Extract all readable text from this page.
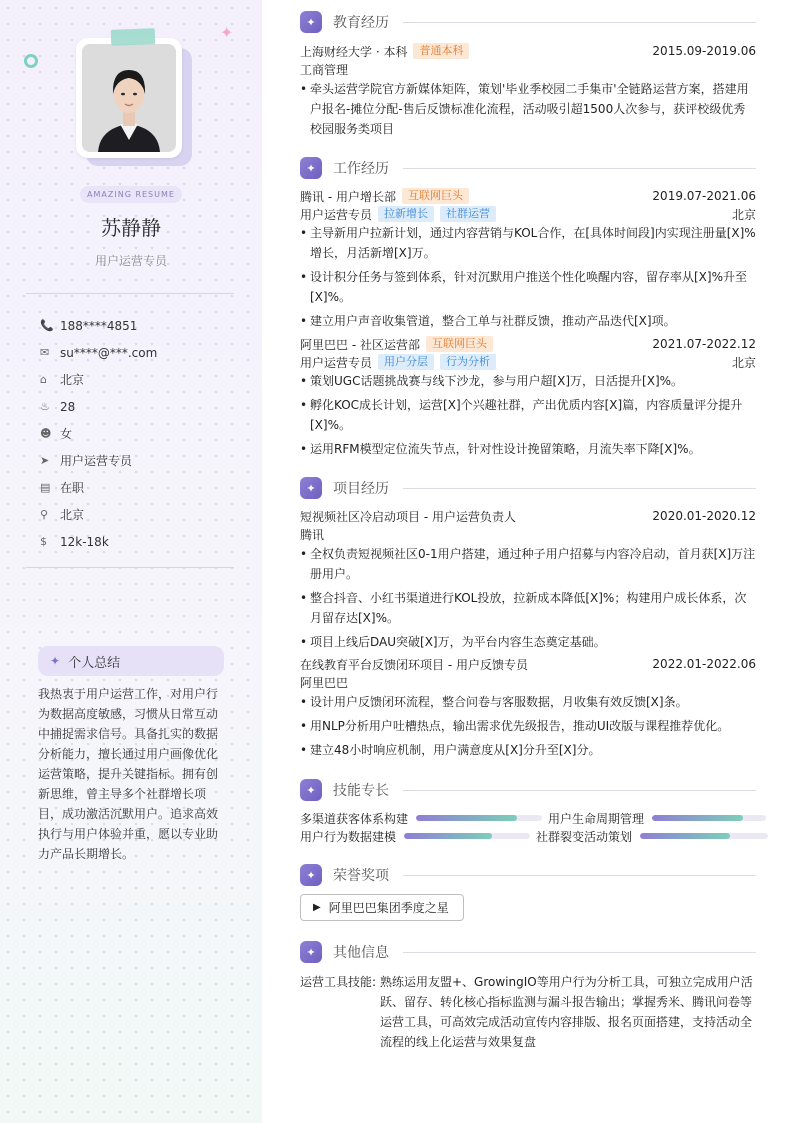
✦
AMAZING RESUME
苏静静
用户运营专员
📞 188****4851
✉ su****@***.com
⌂	北京
♨ 28
☻ 女
➤ 用户运营专员
▤ 在职
⚲ 北京
$	12k-18k
✦ 个人总结

我热衷于用户运营工作，对用户行为数据高度敏感，习惯从日常互动中捕捉需求信号。具备扎实的数据分析能力，擅长通过用户画像优化运营策略，提升关键指标。拥有创新思维，曾主导多个社群增长项目，成功激活沉默用户。追求高效执行与用户体验并重，愿以专业助力产品长期增长。

✦	教育经历
上海财经大学 · 本科	普通本科	2015.09-2019.06
工商管理
• 牵头运营学院官方新媒体矩阵，策划'毕业季校园二手集市'全链路运营方案，搭建用户报名-摊位分配-售后反馈标准化流程，活动吸引超1500人次参与，获评校级优秀校园服务类项目
✦	工作经历
腾讯 - 用户增长部	互联网巨头	2019.07-2021.06
用户运营专员	拉新增长	社群运营	北京
• 主导新用户拉新计划，通过内容营销与KOL合作，在[具体时间段]内实现注册量[X]%增长，月活新增[X]万。
• 设计积分任务与签到体系，针对沉默用户推送个性化唤醒内容，留存率从[X]%升至[X]%。
• 建立用户声音收集管道，整合工单与社群反馈，推动产品迭代[X]项。
阿里巴巴 - 社区运营部	互联网巨头	2021.07-2022.12
用户运营专员	用户分层	行为分析	北京
• 策划UGC话题挑战赛与线下沙龙，参与用户超[X]万，日活提升[X]%。
• 孵化KOC成长计划，运营[X]个兴趣社群，产出优质内容[X]篇，内容质量评分提升[X]%。
• 运用RFM模型定位流失节点，针对性设计挽留策略，月流失率下降[X]%。
✦	项目经历
短视频社区冷启动项目 - 用户运营负责人	2020.01-2020.12
腾讯
• 全权负责短视频社区0-1用户搭建，通过种子用户招募与内容冷启动，首月获[X]万注册用户。
• 整合抖音、小红书渠道进行KOL投放，拉新成本降低[X]%；构建用户成长体系，次月留存达[X]%。
• 项目上线后DAU突破[X]万，为平台内容生态奠定基础。
在线教育平台反馈闭环项目 - 用户反馈专员	2022.01-2022.06
阿里巴巴
• 设计用户反馈闭环流程，整合问卷与客服数据，月收集有效反馈[X]条。
• 用NLP分析用户吐槽热点，输出需求优先级报告，推动UI改版与课程推荐优化。
• 建立48小时响应机制，用户满意度从[X]分升至[X]分。
✦	技能专长
多渠道获客体系构建	用户生命周期管理
用户行为数据建模	社群裂变活动策划
✦	荣誉奖项
▶ 阿里巴巴集团季度之星
✦	其他信息
运营工具技能: 熟练运用友盟+、GrowingIO等用户行为分析工具，可独立完成用户活跃、留存、转化核心指标监测与漏斗报告输出；掌握秀米、腾讯问卷等运营工具，可高效完成活动宣传内容排版、报名页面搭建，支持活动全流程的线上化运营与效果复盘
